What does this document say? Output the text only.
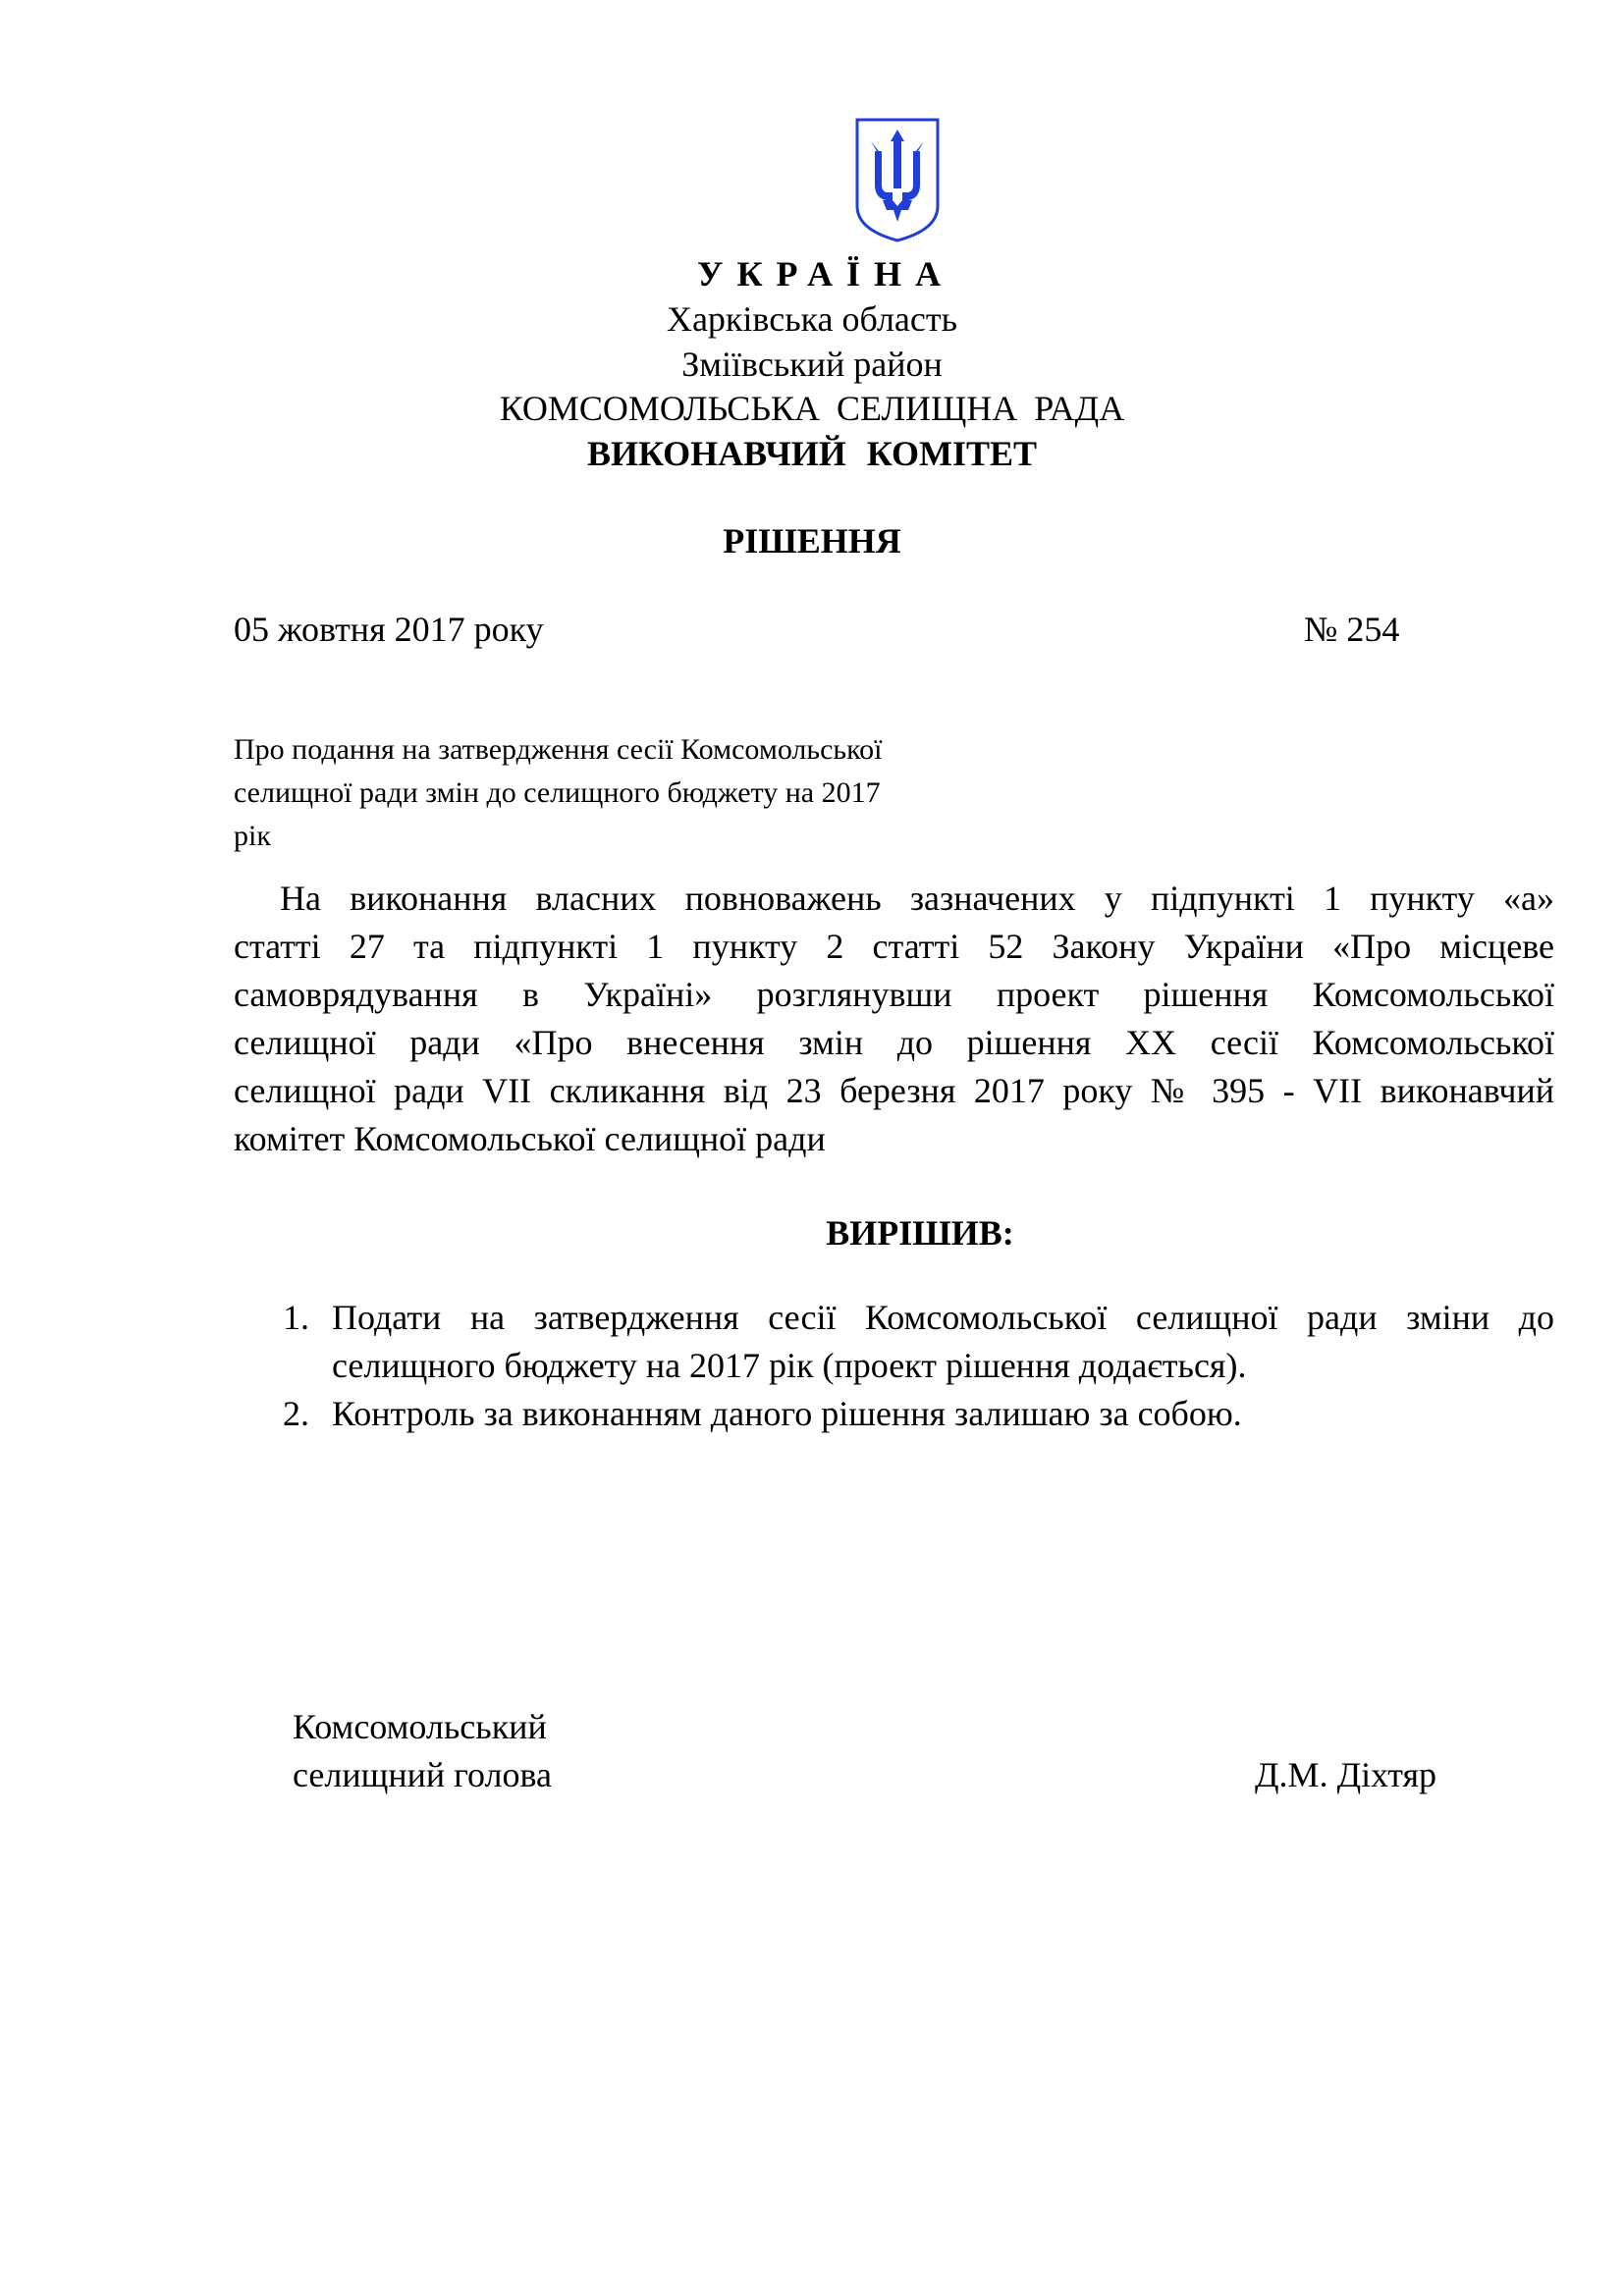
УКРАЇНА
Харківська область
Зміївський район
КОМСОМОЛЬСЬКА СЕЛИЩНА РАДА
ВИКОНАВЧИЙ КОМІТЕТ
РІШЕННЯ
05 жовтня 2017 року	№ 254
Про подання на затвердження сесії Комсомольської
селищної ради змін до селищного бюджету на 2017
рік
На виконання власних повноважень зазначених у підпункті 1 пункту «а»
статті 27 та підпункті 1 пункту 2 статті 52 Закону України «Про місцеве
самоврядування в Україні» розглянувши проект рішення Комсомольської
селищної ради «Про внесення змін до рішення ХХ сесії Комсомольської
селищної ради VII скликання від 23 березня 2017 року № 395 - VII виконавчий
комітет Комсомольської селищної ради
ВИРІШИВ:
1. Подати на затвердження сесії Комсомольської селищної ради зміни до
селищного бюджету на 2017 рік (проект рішення додається).
2. Контроль за виконанням даного рішення залишаю за собою.
Комсомольський
селищний голова	Д.М. Діхтяр
